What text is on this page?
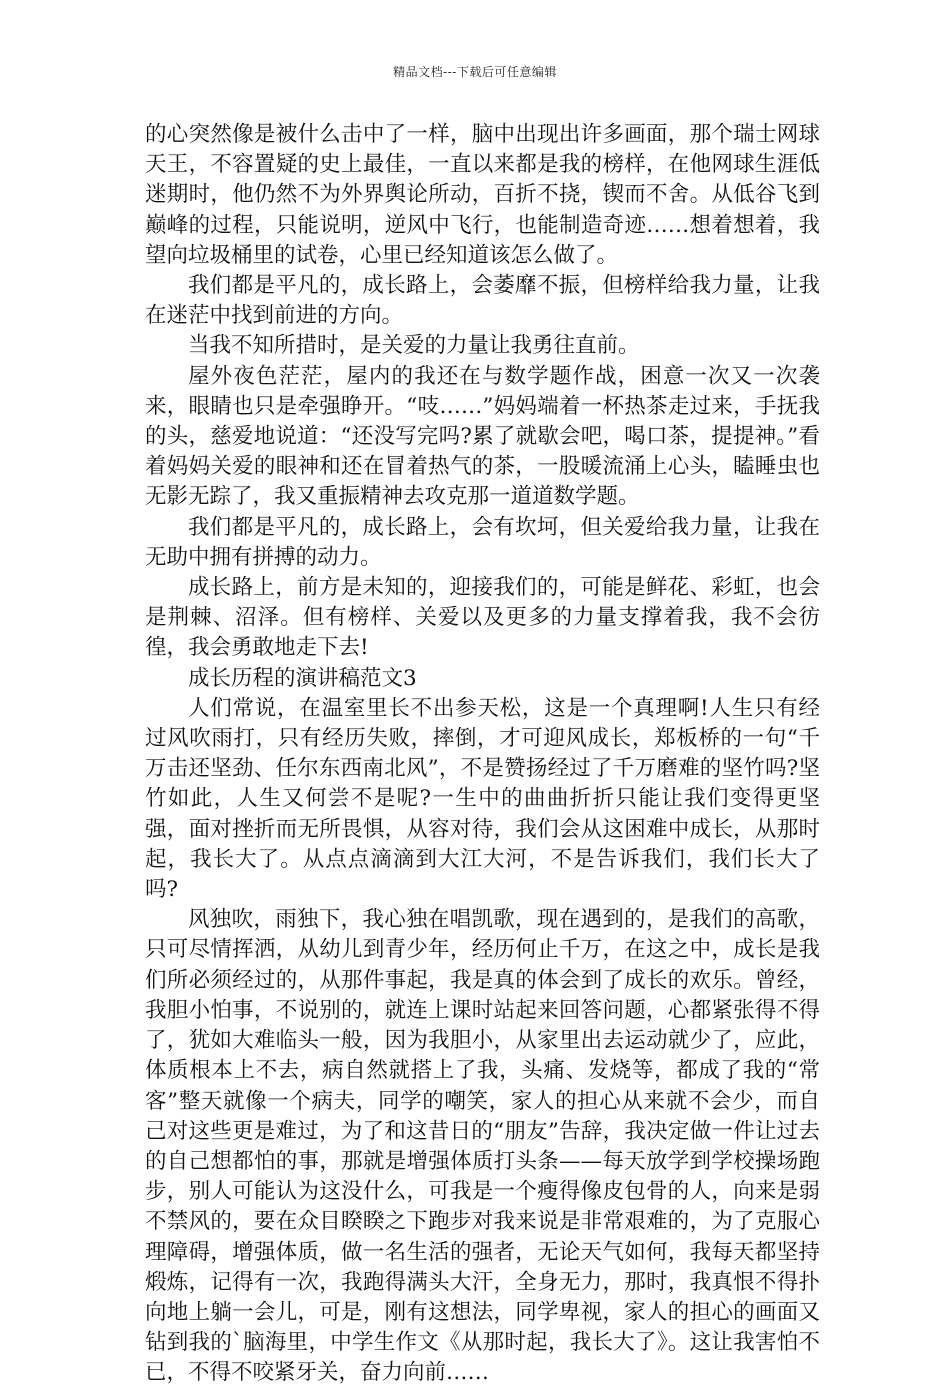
精品文档---下载后可任意编辑

的心突然像是被什么击中了一样，脑中出现出许多画面，那个瑞士网球天王，不容置疑的史上最佳，一直以来都是我的榜样，在他网球生涯低迷期时，他仍然不为外界舆论所动，百折不挠，锲而不舍。从低谷飞到巅峰的过程，只能说明，逆风中飞行，也能制造奇迹……想着想着，我望向垃圾桶里的试卷，心里已经知道该怎么做了。

我们都是平凡的，成长路上，会萎靡不振，但榜样给我力量，让我在迷茫中找到前进的方向。

当我不知所措时，是关爱的力量让我勇往直前。

屋外夜色茫茫，屋内的我还在与数学题作战，困意一次又一次袭来，眼睛也只是牵强睁开。“吱……”妈妈端着一杯热茶走过来，手抚我的头，慈爱地说道：“还没写完吗?累了就歇会吧，喝口茶，提提神。”看着妈妈关爱的眼神和还在冒着热气的茶，一股暖流涌上心头，瞌睡虫也无影无踪了，我又重振精神去攻克那一道道数学题。

我们都是平凡的，成长路上，会有坎坷，但关爱给我力量，让我在无助中拥有拼搏的动力。

成长路上，前方是未知的，迎接我们的，可能是鲜花、彩虹，也会是荆棘、沼泽。但有榜样、关爱以及更多的力量支撑着我，我不会彷徨，我会勇敢地走下去!

成长历程的演讲稿范文3

人们常说，在温室里长不出参天松，这是一个真理啊!人生只有经过风吹雨打，只有经历失败，摔倒，才可迎风成长，郑板桥的一句“千万击还坚劲、任尔东西南北风”，不是赞扬经过了千万磨难的坚竹吗?坚竹如此，人生又何尝不是呢?一生中的曲曲折折只能让我们变得更坚强，面对挫折而无所畏惧，从容对待，我们会从这困难中成长，从那时起，我长大了。从点点滴滴到大江大河，不是告诉我们，我们长大了吗?

风独吹，雨独下，我心独在唱凯歌，现在遇到的，是我们的高歌，只可尽情挥洒，从幼儿到青少年，经历何止千万，在这之中，成长是我们所必须经过的，从那件事起，我是真的体会到了成长的欢乐。曾经，我胆小怕事，不说别的，就连上课时站起来回答问题，心都紧张得不得了，犹如大难临头一般，因为我胆小，从家里出去运动就少了，应此，体质根本上不去，病自然就搭上了我，头痛、发烧等，都成了我的“常客”整天就像一个病夫，同学的嘲笑，家人的担心从来就不会少，而自己对这些更是难过，为了和这昔日的“朋友”告辞，我决定做一件让过去的自己想都怕的事，那就是增强体质打头条——每天放学到学校操场跑步，别人可能认为这没什么，可我是一个瘦得像皮包骨的人，向来是弱不禁风的，要在众目睽睽之下跑步对我来说是非常艰难的，为了克服心理障碍，增强体质，做一名生活的强者，无论天气如何，我每天都坚持煅炼，记得有一次，我跑得满头大汗，全身无力，那时，我真恨不得扑向地上躺一会儿，可是，刚有这想法，同学卑视，家人的担心的画面又钻到我的`脑海里，中学生作文《从那时起，我长大了》。这让我害怕不已，不得不咬紧牙关，奋力向前……
